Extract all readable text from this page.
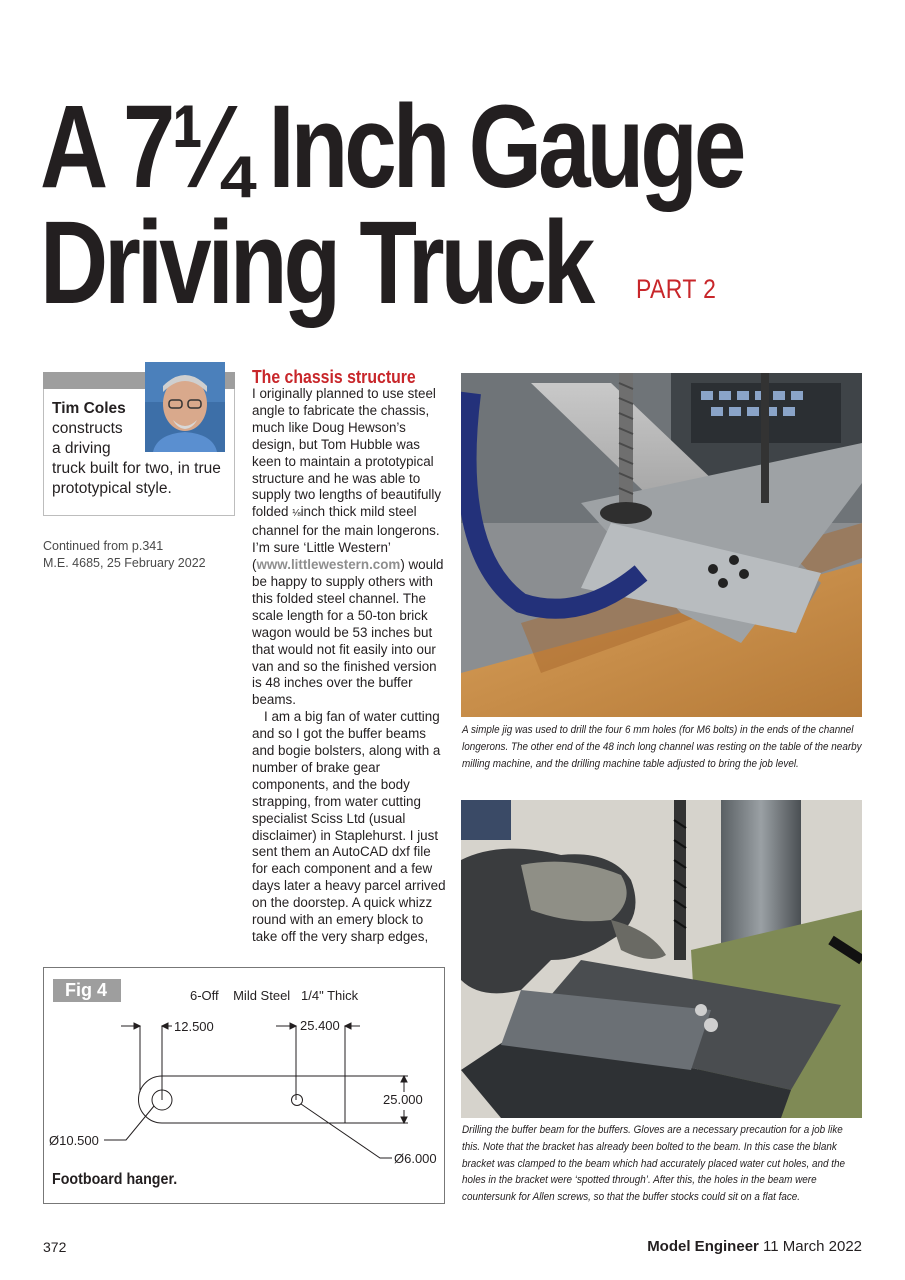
A 7¼ Inch Gauge
Driving Truck PART 2
Tim Coles
constructs
a driving
truck built for two, in true
prototypical style.
Continued from p.341
M.E. 4685, 25 February 2022
The chassis structure

I originally planned to use steel angle to fabricate the chassis, much like Doug Hewson’s design, but Tom Hubble was keen to maintain a prototypical structure and he was able to supply two lengths of beautifully folded ⅛inch thick mild steel channel for the main longerons. I’m sure ‘Little Western’ (www.littlewestern.com) would be happy to supply others with this folded steel channel. The scale length for a 50-ton brick wagon would be 53 inches but that would not fit easily into our van and so the finished version is 48 inches over the buffer beams.

I am a big fan of water cutting and so I got the buffer beams and bogie bolsters, along with a number of brake gear components, and the body strapping, from water cutting specialist Sciss Ltd (usual disclaimer) in Staplehurst. I just sent them an AutoCAD dxf file for each component and a few days later a heavy parcel arrived on the doorstep. A quick whizz round with an emery block to take off the very sharp edges,

A simple jig was used to drill the four 6 mm holes (for M6 bolts) in the ends of the channel longerons. The other end of the 48 inch long channel was resting on the table of the nearby milling machine, and the drilling machine table adjusted to bring the job level.
Drilling the buffer beam for the buffers. Gloves are a necessary precaution for a job like this. Note that the bracket has already been bolted to the beam. In this case the blank bracket was clamped to the beam which had accurately placed water cut holes, and the holes in the bracket were ‘spotted through’. After this, the holes in the beam were countersunk for Allen screws, so that the buffer stocks could sit on a flat face.
Fig 4	6-Off    Mild Steel   1/4" Thick
12.500	25.400
25.000
Ø10.500
Ø6.000
Footboard hanger.
372	Model Engineer 11 March 2022
